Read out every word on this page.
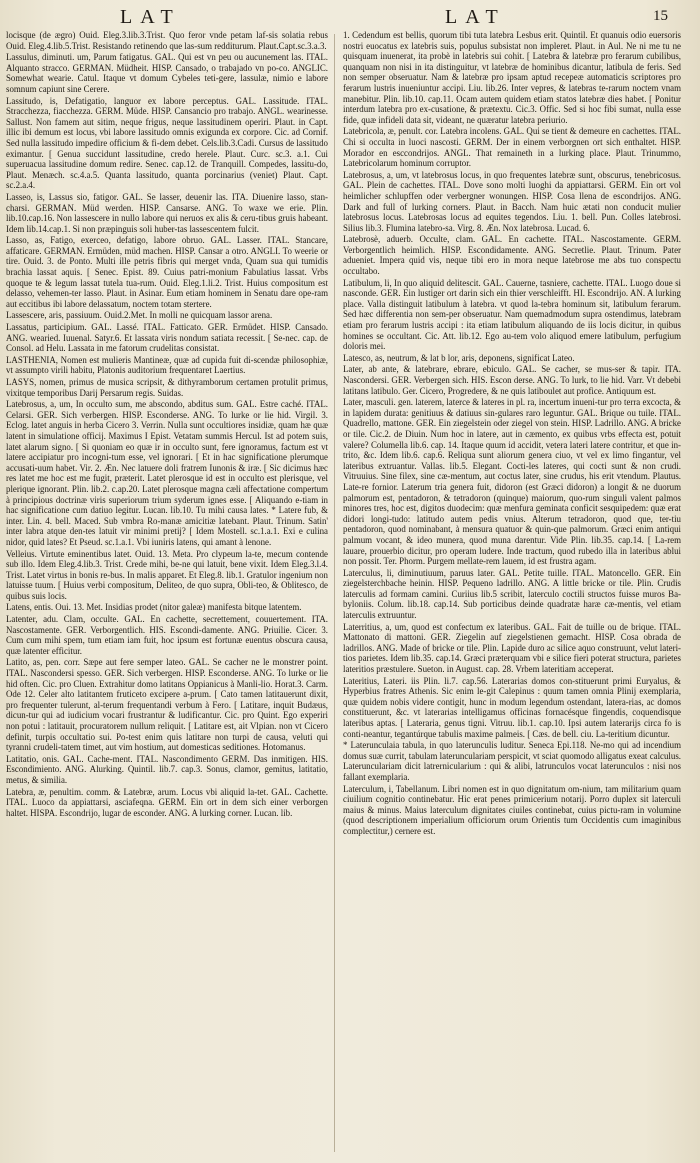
LAT	LAT	15

locisque (de ægro) Ouid. Eleg.3.lib.3.Trist. Quo feror vnde petam laf-sis solatia rebus Ouid. Eleg.4.lib.5.Trist. Resistando retinendo que las-sum redditurum. Plaut.Capt.sc.3.a.3.

Lassulus, diminuti. um, Parum fatigatus. GAL. Qui est vn peu ou aucunement las. ITAL. Alquanto stracco. GERMAN. Müdheit. HISP. Cansado, o trabajado vn po-co. ANGLIC. Somewhat wearie. Catul. Itaque vt domum Cybeles teti-gere, lassulæ, nimio e labore somnum capiunt sine Cerere.

Lassitudo, is, Defatigatio, languor ex labore perceptus. GAL. Lassitude. ITAL. Stracchezza, fiacchezza. GERM. Müde. HISP. Cansancio pro trabajo. ANGL. wearinesse. Sallust. Non famem aut sitim, neque frigus, neque lassitudinem operiri. Plaut. in Capt. illic ibi demum est locus, vbi labore lassitudo omnis exigunda ex corpore. Cic. ad Cornif. Sed nulla lassitudo impedire officium & fi-dem debet. Cels.lib.3.Cadi. Cursus de lassitudo eximantur. [ Genua succidunt lassitudine, credo herele. Plaut. Curc. sc.3. a.1. Cui superuacua lassitudine domum redire. Senec. cap.12. de Tranquill. Compedes, lassitu-do, Plaut. Menæch. sc.4.a.5. Quanta lassitudo, quanta porcinarius (veniet) Plaut. Capt. sc.2.a.4.

Lasseo, is, Lassus sio, fatigor. GAL. Se lasser, deuenir las. ITA. Diuenire lasso, stan-charsi. GERMAN. Müd werden. HISP. Cansarse. ANG. To waxe we erie. Plin. lib.10.cap.16. Non lassescere in nullo labore qui neruos ex alis & ceru-tibus gruis habeant. Idem lib.14.cap.1. Si non præpinguis soli huber-tas lassescentem fulcit.

Lasso, as, Fatigo, exerceo, defatigo, labore obruo. GAL. Lasser. ITAL. Stancare, affaticare. GERMAN. Ermüden, müd machen. HISP. Cansar a otro. ANGLI. To weerie or tire. Ouid. 3. de Ponto. Multi ille petris fibris qui merget vnda, Quam sua qui tumidis brachia lassat aquis. [ Senec. Epist. 89. Cuius patri-monium Fabulatius lassat. Vrbs quoque te & legum lassat tutela tua-rum. Ouid. Eleg.1.li.2. Trist. Huius compositum est delasso, vehemen-ter lasso. Plaut. in Asinar. Eum etiam hominem in Senatu dare ope-ram aut eccitibus ibi labore delassatum, noctem totam stertere.

Lassescere, aris, passiuum. Ouid.2.Met. In molli ne quicquam lassor arena.

Lassatus, participium. GAL. Lassé. ITAL. Fatticato. GER. Ermüdet. HISP. Cansado. ANG. wearied. Iuuenal. Satyr.6. Et lassata viris nondum satiata recessit. [ Se-nec. cap. de Consol. ad Helu. Lassata in me fatorum crudelitas consistat.

LASTHENIA, Nomen est mulieris Mantineæ, quæ ad cupida fuit di-scendæ philosophiæ, vt assumpto virili habitu, Platonis auditorium frequentaret Laertius.

LASYS, nomen, primus de musica scripsit, & dithyramborum certamen protulit primus, vixitque temporibus Darij Persarum regis. Suidas.

Latebrosus, a, um, In occulto sum, me abscondo, abditus sum. GAL. Estre caché. ITAL. Celarsi. GER. Sich verbergen. HISP. Esconderse. ANG. To lurke or lie hid. Virgil. 3. Eclog. latet anguis in herba Cicero 3. Verrin. Nulla sunt occultiores insidiæ, quam hæ quæ latent in simulatione officij. Maximus I Epist. Vetatam summis Hercul. Ist ad potem suis, latet alarum signo. [ Si quoniam eo quæ ir in occulto sunt, fere ignoramus, factum est vt latere accipiatur pro incogni-tum esse, vel ignorari. [ Et in hac significatione plerumque accusati-uum habet. Vir. 2. Æn. Nec latuere doli fratrem Iunonis & iræ. [ Sic dicimus hæc res latet me hoc est me fugit, præterit. Latet plerosque id est in occulto est plerisque, vel plerique ignorant. Plin. lib.2. c.ap.20. Latet plerosque magna cæli affectatione compertum à principious doctrinæ viris superiorum trium syderum ignes esse. [ Aliquando e-tiam in hac significatione cum datiuo legitur. Lucan. lib.10. Tu mihi causa lates. * Latere fub, & inter. Lin. 4. bell. Maced. Sub vmbra Ro-manæ amicitiæ latebant. Plaut. Trinum. Satin' inter labra atque den-tes latuit vir minimi pretij? [ Idem Mostell. sc.1.a.1. Exi e culina nidor, quid lates? Et Pseud. sc.1.a.1. Vbi iuniris latens, qui amant à lenone.

Velleius. Virtute eminentibus latet. Ouid. 13. Meta. Pro clypeum la-te, mecum contende sub illo. Idem Eleg.4.lib.3. Trist. Crede mihi, be-ne qui latuit, bene vixit. Idem Eleg.3.l.4. Trist. Latet virtus in bonis re-bus. In malis apparet. Et Eleg.8. lib.1. Gratulor ingenium non latuisse tuum. [ Huius verbi compositum, Deliteo, de quo supra, Obli-teo, & Oblitesco, de quibus suis locis.

Latens, entis. Oui. 13. Met. Insidias prodet (nitor galeæ) manifesta bitque latentem.

Latenter, adu. Clam, occulte. GAL. En cachette, secrettement, couuertement. ITA. Nascostamente. GER. Verborgentlich. HIS. Escondi-damente. ANG. Priuilie. Cicer. 3. Cum cum mihi spem, tum etiam iam fuit, hoc ipsum est fortunæ euentus obscura causa, quæ latenter efficitur.

Latito, as, pen. corr. Sæpe aut fere semper lateo. GAL. Se cacher ne le monstrer point. ITAL. Nascondersi spesso. GER. Sich verbergen. HISP. Esconderse. ANG. To lurke or lie hid often. Cic. pro Cluen. Extrahitur domo latitans Oppianicus à Manli-lio. Horat.3. Carm. Ode 12. Celer alto latitantem fruticeto excipere a-prum. [ Cato tamen latitauerunt dixit, pro frequenter tulerunt, al-terum frequentandi verbum à Fero. [ Latitare, inquit Budæus, dicun-tur qui ad iudicium vocari frustrantur & ludificantur. Cic. pro Quint. Ego experiri non potui : latitauit, procuratorem nullum reliquit. [ Latitare est, ait Vlpian. non vt Cicero definit, turpis occultatio sui. Po-test enim quis latitare non turpi de causa, veluti qui tyranni crudeli-tatem timet, aut vim hostium, aut domesticas seditiones. Hotomanus.

Latitatio, onis. GAL. Cache-ment. ITAL. Nascondimento GERM. Das inmitigen. HIS. Escondimiento. ANG. Alurking. Quintil. lib.7. cap.3. Sonus, clamor, gemitus, latitatio, metus, & similia.

Latebra, æ, penultim. comm. & Latebræ, arum. Locus vbi aliquid la-tet. GAL. Cachette. ITAL. Luoco da appiattarsi, asciafeqna. GERM. Ein ort in dem sich einer verborgen haltet. HISPA. Escondrijo, lugar de esconder. ANG. A lurking corner. Lucan. lib.

1. Cedendum est bellis, quorum tibi tuta latebra Lesbus erit. Quintil. Et quanuis odio euersoris nostri euocatus ex latebris suis, populus subsistat non impleret. Plaut. in Aul. Ne ni me tu ne quisquam inuenerat, ita probè in latebris sui cohit. [ Latebra & latebræ pro ferarum cubilibus, quanquam non nisi in ita distinguitur, vt latebræ de hominibus dicantur, latibula de feris. Sed non semper obseruatur. Nam & latebræ pro ipsam aptud recepeæ automaticis scriptores pro ferarum lustris inueniuntur accipi. Liu. lib.26. Inter vepres, & latebras te-rarum noctem vnam manebitur. Plin. lib.10. cap.11. Ocam autem quidem etiam statos latebræ dies habet. [ Ponitur interdum latebra pro ex-cusatione, & prætextu. Cic.3. Offic. Sed si hoc fibi sumat, nulla esse fide, quæ infideli data sit, videant, ne quæratur latebra periurio.

Latebricola, æ, penult. cor. Latebra incolens. GAL. Qui se tient & demeure en cachettes. ITAL. Chi si occulta in luoci nascosti. GERM. Der in einem verborgnen ort sich enthaltet. HISP. Morador en esccondrijos. ANGL. That remaineth in a lurking place. Plaut. Trinummo, Latebricolarum hominum corruptor.

Latebrosus, a, um, vt latebrosus locus, in quo frequentes latebræ sunt, obscurus, tenebricosus. GAL. Plein de cachettes. ITAL. Dove sono molti luoghi da appiattarsi. GERM. Ein ort vol heimlicher schlupffen oder verbergner wonungen. HISP. Cosa llena de escondrijos. ANG. Dark and full of lurking corners. Plaut. in Bacch. Nam huic ætati non conducit mulier latebrosus locus. Latebrosas locus ad equites tegendos. Liu. 1. bell. Pun. Colles latebrosi. Silius lib.3. Flumina latebro-sa. Virg. 8. Æn. Nox latebrosa. Lucad. 6.

Latebrosè, aduerb. Occulte, clam. GAL. En cachette. ITAL. Nascostamente. GERM. Verborgentlich heimlich. HISP. Escondidamente. ANG. Secretlie. Plaut. Trinum. Pater adueniet. Impera quid vis, neque tibi ero in mora neque latebrose me abs tuo conspectu occultabo.

Latibulum, li, In quo aliquid delitescit. GAL. Cauerne, tasniere, cachette. ITAL. Luogo doue si nasconde. GER. Ein lustiger ort darin sich ein thier verschleifft. HI. Escondrijo. AN. A lurking place. Valla distinguit latibulum à latebra. vt quod la-tebra hominum sit, latibulum ferarum. Sed hæc differentia non sem-per obseruatur. Nam quemadmodum supra ostendimus, latebram etiam pro ferarum lustris accipi : ita etiam latibulum aliquando de iis locis dicitur, in quibus homines se occultant. Cic. Att. lib.12. Ego au-tem volo aliquod emere latibulum, perfugium doloris mei.

Latesco, as, neutrum, & lat b lor, aris, deponens, significat Lateo.

Later, ab ante, & latebrare, ebrare, ebiculo. GAL. Se cacher, se mus-ser & tapir. ITA. Nascondersi. GER. Verbergen sich. HIS. Escon derse. ANG. To lurk, to lie hid. Varr. Vt debebi latitans latibulo. Ger. Cicero, Progredere, & ne quis latiboulet aut profice. Antiquum est.

Later, masculi. gen. laterem, laterce & lateres in pl. ra, incertum inueni-tur pro terra excocta, & in lapidem durata: genitiuus & datiuus sin-gulares raro leguntur. GAL. Brique ou tuile. ITAL. Quadrello, mattone. GER. Ein ziegelstein oder ziegel von stein. HISP. Ladrillo. ANG. A bricke or tile. Cic.2. de Diuin. Num hoc in latere, aut in cæmento, ex quibus vrbs effecta est, potuit valere? Columella lib.6. cap. 14. Itaque quum id accidit, vetera lateri latere contritur, et que in-trito, &c. Idem lib.6. cap.6. Reliqua sunt aliorum genera ciuo, vt vel ex limo fingantur, vel lateribus extruantur. Vallas. lib.5. Elegant. Cocti-les lateres, qui cocti sunt & non crudi. Vitruuius. Sine filex, sine cæ-mentum, aut coctus later, sine crudus, his erit vtendum. Plautus. Late-re fornior. Laterum tria genera fuit, didoron (est Græci didoron) a longit & ne duorum palmorum est, pentadoron, & tetradoron (quinque) maiorum, quo-rum singuli valent palmos minores tres, hoc est, digitos duodecim: quæ menfura geminata conficit sesquipedem: quæ erat didori longi-tudo: latitudo autem pedis vnius. Alterum tetradoron, quod que, ter-tiu pentadoron, quod nominabant, à mensura quatuor & quin-que palmorum. Græci enim antiqui palmum vocant, & ideo munera, quod muna darentur. Vide Plin. lib.35. cap.14. [ La-rem lauare, prouerbio dicitur, pro operam ludere. Inde tractum, quod rubedo illa in lateribus ablui non possit. Ter. Phorm. Purgem mellate-rem lauem, id est frustra agam.

Laterculus, li, diminutiuum, paruus later. GAL. Petite tuille. ITAL. Matoncello. GER. Ein ziegelsterchbache heinin. HISP. Pequeno ladrillo. ANG. A little bricke or tile. Plin. Crudis laterculis ad formam camini. Curiius lib.5 scribit, laterculo coctili structos fuisse muros Ba-byloniis. Colum. lib.18. cap.14. Sub porticibus deinde quadratæ haræ cæ-mentis, vel etiam laterculis extruuntur.

Laterritius, a, um, quod est confectum ex lateribus. GAL. Fait de tuille ou de brique. ITAL. Mattonato di mattoni. GER. Ziegelin auf ziegelstienen gemacht. HISP. Cosa obrada de ladrillos. ANG. Made of bricke or tile. Plin. Lapide duro ac silice aquo construunt, velut lateri-tios parietes. Idem lib.35. cap.14. Græci præterquam vbi e silice fieri poterat structura, parietes lateritios præstulere. Sueton. in August. cap. 28. Vrbem lateritiam acceperat.

Lateritius, Lateri. iis Plin. li.7. cap.56. Laterarias domos con-stituerunt primi Euryalus, & Hyperbius fratres Athenis. Sic enim le-git Calepinus : quum tamen omnia Plinij exemplaria, quæ quidem nobis videre contigit, hunc in modum legendum ostendant, latera-rias, ac domos constituerunt, &c. vt laterarias intelligamus officinas fornacésque fingendis, coquendisque lateribus aptas. [ Lateraria, genus tigni. Vitruu. lib.1. cap.10. Ipsi autem laterarijs circa fo is conti-neantur, tegantúrque tabulis maxime palmeis. [ Cæs. de bell. ciu. La-teritium dicuntur.

* Laterunculaia tabula, in quo laterunculis luditur. Seneca Epi.118. Ne-mo qui ad incendium domus suæ currit, tabulam laterunculariam perspicit, vt sciat quomodo alligatus exeat calculus. Laterunculariam dicit latrernicularium : qui & alibi, latrunculos vocat laterunculos : nisi nos fallant exemplaria.

Laterculum, i, Tabellanum. Libri nomen est in quo dignitatum om-nium, tam militarium quam ciuilium cognitio continebatur. Hic erat penes primicerium notarij. Porro duplex sit laterculi maius & minus. Maius laterculum dignitates ciuiles continebat, cuius pictu-ram in volumine (quod descriptionem imperialium officiorum orum Orientis tum Occidentis cum imaginibus complectitur,) cernere est.
